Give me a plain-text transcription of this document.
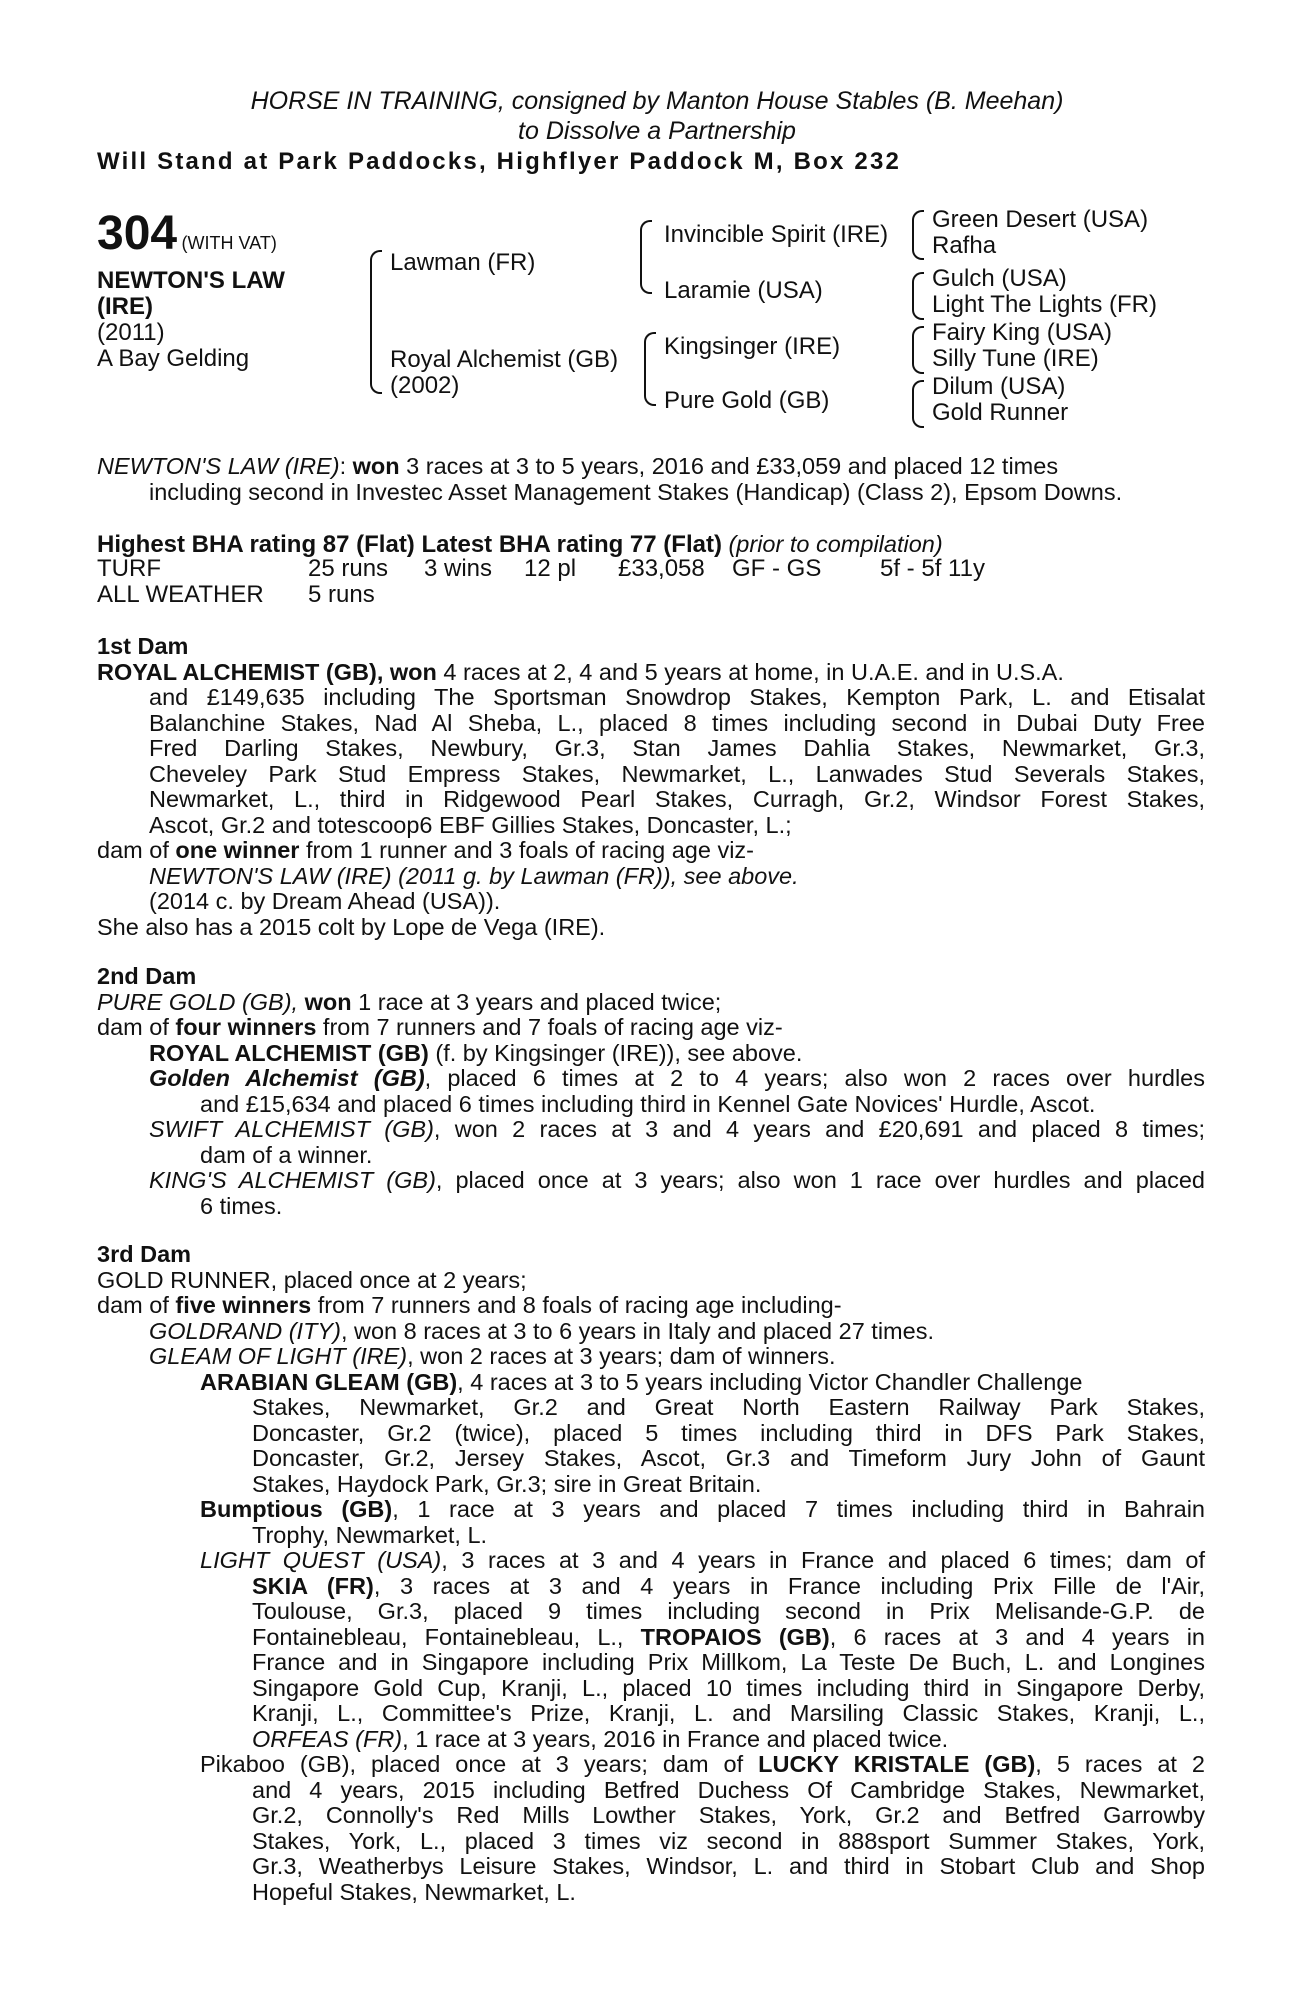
HORSE IN TRAINING, consigned by Manton House Stables (B. Meehan)
to Dissolve a Partnership
Will Stand at Park Paddocks, Highflyer Paddock M, Box 232
304 (WITH VAT)
NEWTON'S LAW
(IRE)
(2011)
A Bay Gelding
Lawman (FR)
Royal Alchemist (GB)
(2002)
Invincible Spirit (IRE)
Laramie (USA)
Kingsinger (IRE)
Pure Gold (GB)
Green Desert (USA)
Rafha
Gulch (USA)
Light The Lights (FR)
Fairy King (USA)
Silly Tune (IRE)
Dilum (USA)
Gold Runner
NEWTON'S LAW (IRE): won 3 races at 3 to 5 years, 2016 and £33,059 and placed 12 times
including second in Investec Asset Management Stakes (Handicap) (Class 2), Epsom Downs.
Highest BHA rating 87 (Flat) Latest BHA rating 77 (Flat) (prior to compilation)
TURF	25 runs 3 wins 12 pl £33,058 GF - GS 5f - 5f 11y
ALL WEATHER 5 runs
1st Dam
ROYAL ALCHEMIST (GB), won 4 races at 2, 4 and 5 years at home, in U.A.E. and in U.S.A.
and £149,635 including The Sportsman Snowdrop Stakes, Kempton Park, L. and Etisalat
Balanchine Stakes, Nad Al Sheba, L., placed 8 times including second in Dubai Duty Free
Fred Darling Stakes, Newbury, Gr.3, Stan James Dahlia Stakes, Newmarket, Gr.3,
Cheveley Park Stud Empress Stakes, Newmarket, L., Lanwades Stud Severals Stakes,
Newmarket, L., third in Ridgewood Pearl Stakes, Curragh, Gr.2, Windsor Forest Stakes,
Ascot, Gr.2 and totescoop6 EBF Gillies Stakes, Doncaster, L.;
dam of one winner from 1 runner and 3 foals of racing age viz-
NEWTON'S LAW (IRE) (2011 g. by Lawman (FR)), see above.
(2014 c. by Dream Ahead (USA)).
She also has a 2015 colt by Lope de Vega (IRE).
2nd Dam
PURE GOLD (GB), won 1 race at 3 years and placed twice;
dam of four winners from 7 runners and 7 foals of racing age viz-
ROYAL ALCHEMIST (GB) (f. by Kingsinger (IRE)), see above.
Golden Alchemist (GB), placed 6 times at 2 to 4 years; also won 2 races over hurdles
and £15,634 and placed 6 times including third in Kennel Gate Novices' Hurdle, Ascot.
SWIFT ALCHEMIST (GB), won 2 races at 3 and 4 years and £20,691 and placed 8 times;
dam of a winner.
KING'S ALCHEMIST (GB), placed once at 3 years; also won 1 race over hurdles and placed
6 times.
3rd Dam
GOLD RUNNER, placed once at 2 years;
dam of five winners from 7 runners and 8 foals of racing age including-
GOLDRAND (ITY), won 8 races at 3 to 6 years in Italy and placed 27 times.
GLEAM OF LIGHT (IRE), won 2 races at 3 years; dam of winners.
ARABIAN GLEAM (GB), 4 races at 3 to 5 years including Victor Chandler Challenge
Stakes, Newmarket, Gr.2 and Great North Eastern Railway Park Stakes,
Doncaster, Gr.2 (twice), placed 5 times including third in DFS Park Stakes,
Doncaster, Gr.2, Jersey Stakes, Ascot, Gr.3 and Timeform Jury John of Gaunt
Stakes, Haydock Park, Gr.3; sire in Great Britain.
Bumptious (GB), 1 race at 3 years and placed 7 times including third in Bahrain
Trophy, Newmarket, L.
LIGHT QUEST (USA), 3 races at 3 and 4 years in France and placed 6 times; dam of
SKIA (FR), 3 races at 3 and 4 years in France including Prix Fille de l'Air,
Toulouse, Gr.3, placed 9 times including second in Prix Melisande-G.P. de
Fontainebleau, Fontainebleau, L., TROPAIOS (GB), 6 races at 3 and 4 years in
France and in Singapore including Prix Millkom, La Teste De Buch, L. and Longines
Singapore Gold Cup, Kranji, L., placed 10 times including third in Singapore Derby,
Kranji, L., Committee's Prize, Kranji, L. and Marsiling Classic Stakes, Kranji, L.,
ORFEAS (FR), 1 race at 3 years, 2016 in France and placed twice.
Pikaboo (GB), placed once at 3 years; dam of LUCKY KRISTALE (GB), 5 races at 2
and 4 years, 2015 including Betfred Duchess Of Cambridge Stakes, Newmarket,
Gr.2, Connolly's Red Mills Lowther Stakes, York, Gr.2 and Betfred Garrowby
Stakes, York, L., placed 3 times viz second in 888sport Summer Stakes, York,
Gr.3, Weatherbys Leisure Stakes, Windsor, L. and third in Stobart Club and Shop
Hopeful Stakes, Newmarket, L.
